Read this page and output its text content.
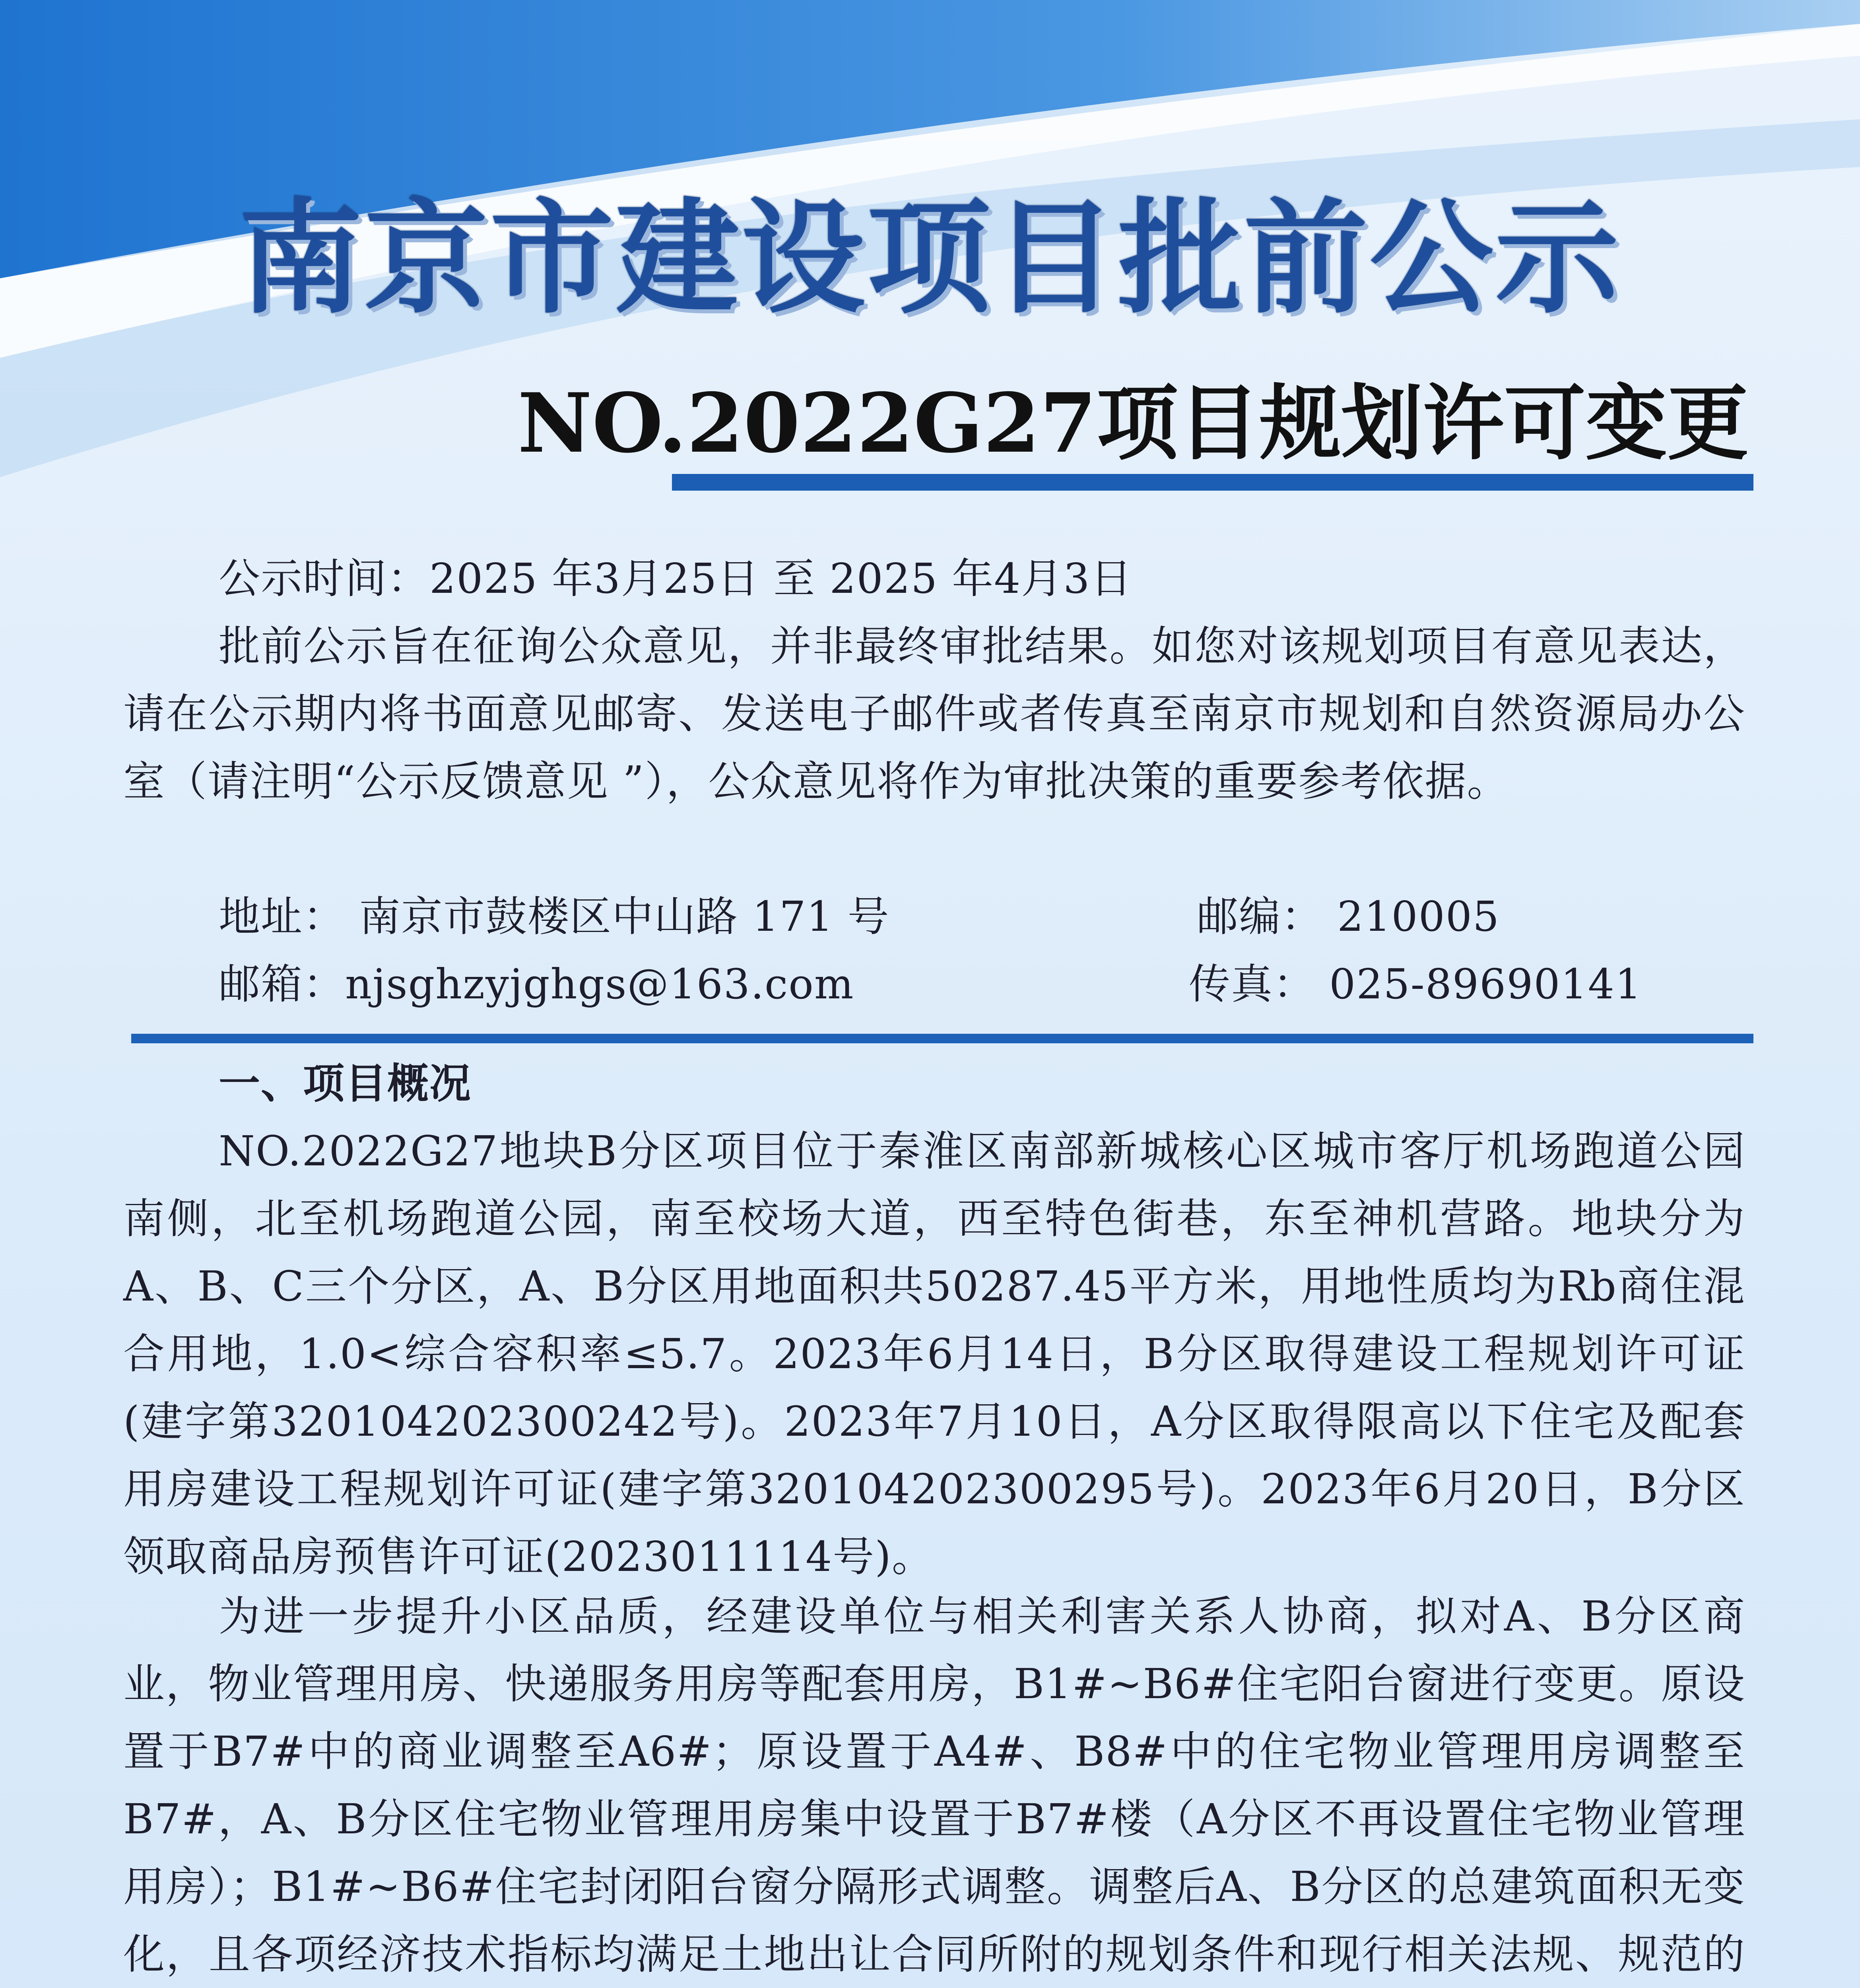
南京市建设项目批前公示
NO.2022G27项目规划许可变更

公示时间：2025 年3月25日 至 2025 年4月3日

批前公示旨在征询公众意见，并非最终审批结果。如您对该规划项目有意见表达，请在公示期内将书面意见邮寄、发送电子邮件或者传真至南京市规划和自然资源局办公室（请注明“公示反馈意见 ”），公众意见将作为审批决策的重要参考依据。

地址： 南京市鼓楼区中山路 171 号	邮编： 210005
邮箱：njsghzyjghgs@163.com	传真： 025-89690141

一、项目概况

NO.2022G27地块B分区项目位于秦淮区南部新城核心区城市客厅机场跑道公园南侧，北至机场跑道公园，南至校场大道，西至特色街巷，东至神机营路。地块分为A、B、C三个分区，A、B分区用地面积共50287.45平方米，用地性质均为Rb商住混合用地，1.0<综合容积率≤5.7。2023年6月14日，B分区取得建设工程规划许可证(建字第320104202300242号)。2023年7月10日，A分区取得限高以下住宅及配套用房建设工程规划许可证(建字第320104202300295号)。2023年6月20日，B分区领取商品房预售许可证(2023011114号)。

为进一步提升小区品质，经建设单位与相关利害关系人协商，拟对A、B分区商业，物业管理用房、快递服务用房等配套用房，B1#~B6#住宅阳台窗进行变更。原设置于B7#中的商业调整至A6#；原设置于A4#、B8#中的住宅物业管理用房调整至B7#，A、B分区住宅物业管理用房集中设置于B7#楼（A分区不再设置住宅物业管理用房）；B1#~B6#住宅封闭阳台窗分隔形式调整。调整后A、B分区的总建筑面积无变化，且各项经济技术指标均满足土地出让合同所附的规划条件和现行相关法规、规范的
